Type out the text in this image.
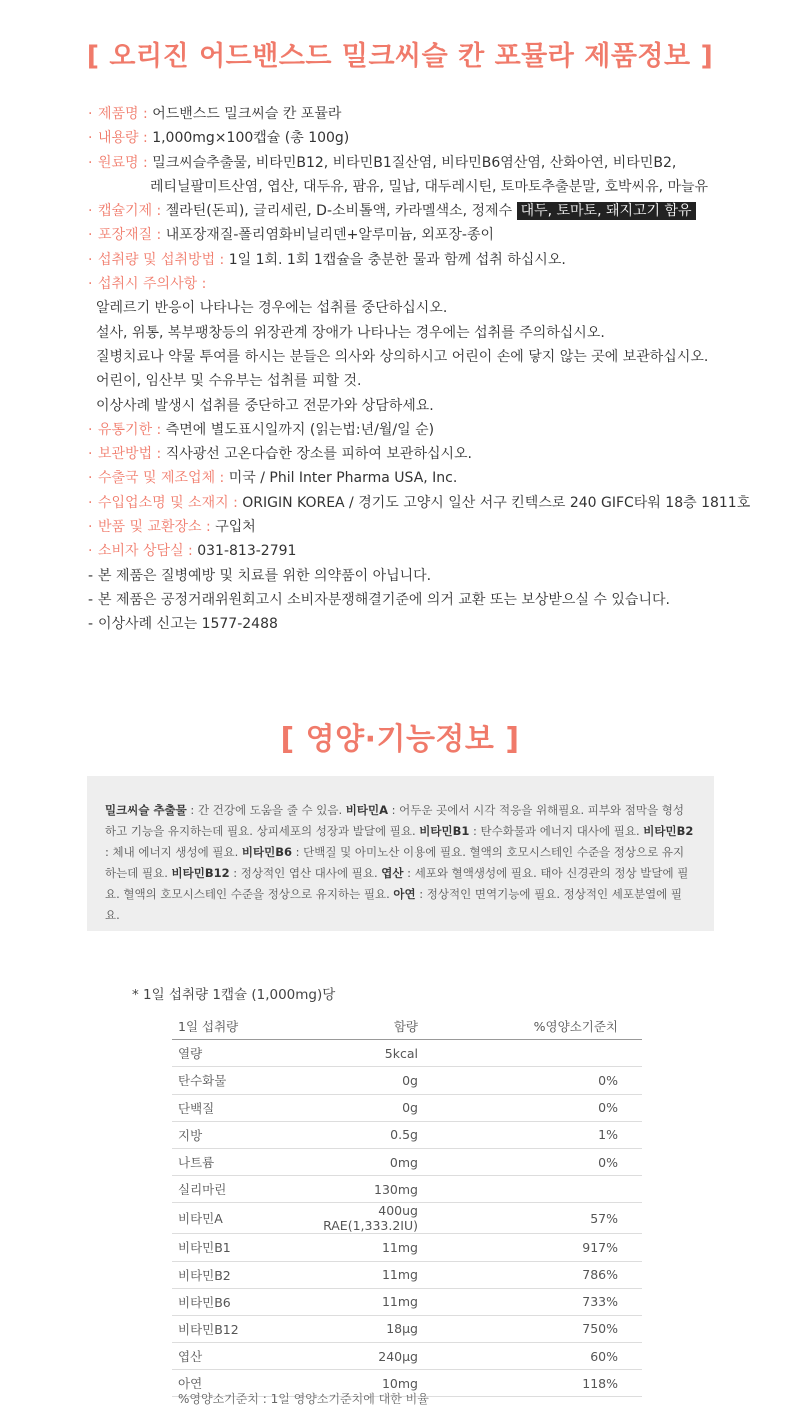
[ 오리진 어드밴스드 밀크씨슬 칸 포뮬라 제품정보 ]
· 제품명 : 어드밴스드 밀크씨슬 칸 포뮬라
· 내용량 : 1,000mg×100캡슐 (총 100g)
· 원료명 : 밀크씨슬추출물, 비타민B12, 비타민B1질산염, 비타민B6염산염, 산화아연, 비타민B2,
레티닐팔미트산염, 엽산, 대두유, 팜유, 밀납, 대두레시틴, 토마토추출분말, 호박씨유, 마늘유
· 캡슐기제 : 젤라틴(돈피), 글리세린, D-소비톨액, 카라멜색소, 정제수 대두, 토마토, 돼지고기 함유
· 포장재질 : 내포장재질-폴리염화비닐리덴+알루미늄, 외포장-종이
· 섭취량 및 섭취방법 : 1일 1회. 1회 1캡슐을 충분한 물과 함께 섭취 하십시오.
· 섭취시 주의사항 :
알레르기 반응이 나타나는 경우에는 섭취를 중단하십시오.
설사, 위통, 복부팽창등의 위장관계 장애가 나타나는 경우에는 섭취를 주의하십시오.
질병치료나 약물 투여를 하시는 분들은 의사와 상의하시고 어린이 손에 닿지 않는 곳에 보관하십시오.
어린이, 임산부 및 수유부는 섭취를 피할 것.
이상사례 발생시 섭취를 중단하고 전문가와 상담하세요.
· 유통기한 : 측면에 별도표시일까지 (읽는법:년/월/일 순)
· 보관방법 : 직사광선 고온다습한 장소를 피하여 보관하십시오.
· 수출국 및 제조업체 : 미국 / Phil Inter Pharma USA, Inc.
· 수입업소명 및 소재지 : ORIGIN KOREA / 경기도 고양시 일산 서구 킨텍스로 240 GIFC타워 18층 1811호
· 반품 및 교환장소 : 구입처
· 소비자 상담실 : 031-813-2791
- 본 제품은 질병예방 및 치료를 위한 의약품이 아닙니다.
- 본 제품은 공정거래위원회고시 소비자분쟁해결기준에 의거 교환 또는 보상받으실 수 있습니다.
- 이상사례 신고는 1577-2488
[ 영양·기능정보 ]

밀크씨슬 추출물 : 간 건강에 도움을 줄 수 있음. 비타민A : 어두운 곳에서 시각 적응을 위해필요. 피부와 점막을 형성하고 기능을 유지하는데 필요. 상피세포의 성장과 발달에 필요. 비타민B1 : 탄수화물과 에너지 대사에 필요. 비타민B2 : 체내 에너지 생성에 필요. 비타민B6 : 단백질 및 아미노산 이용에 필요. 혈액의 호모시스테인 수준을 정상으로 유지하는데 필요. 비타민B12 : 정상적인 엽산 대사에 필요. 엽산 : 세포와 혈액생성에 필요. 태아 신경관의 정상 발달에 필요. 혈액의 호모시스테인 수준을 정상으로 유지하는 필요. 아연 : 정상적인 면역기능에 필요. 정상적인 세포분열에 필요.

* 1일 섭취량 1캡슐 (1,000mg)당
1일 섭취량	함량	%영양소기준치
열량	5kcal	
탄수화물	0g	0%
단백질	0g	0%
지방	0.5g	1%
나트륨	0mg	0%
실리마린	130mg	
비타민A	400ug RAE(1,333.2IU)	57%
비타민B1	11mg	917%
비타민B2	11mg	786%
비타민B6	11mg	733%
비타민B12	18μg	750%
엽산	240μg	60%
아연	10mg	118%
%영양소기준치 : 1일 영양소기준치에 대한 비율
